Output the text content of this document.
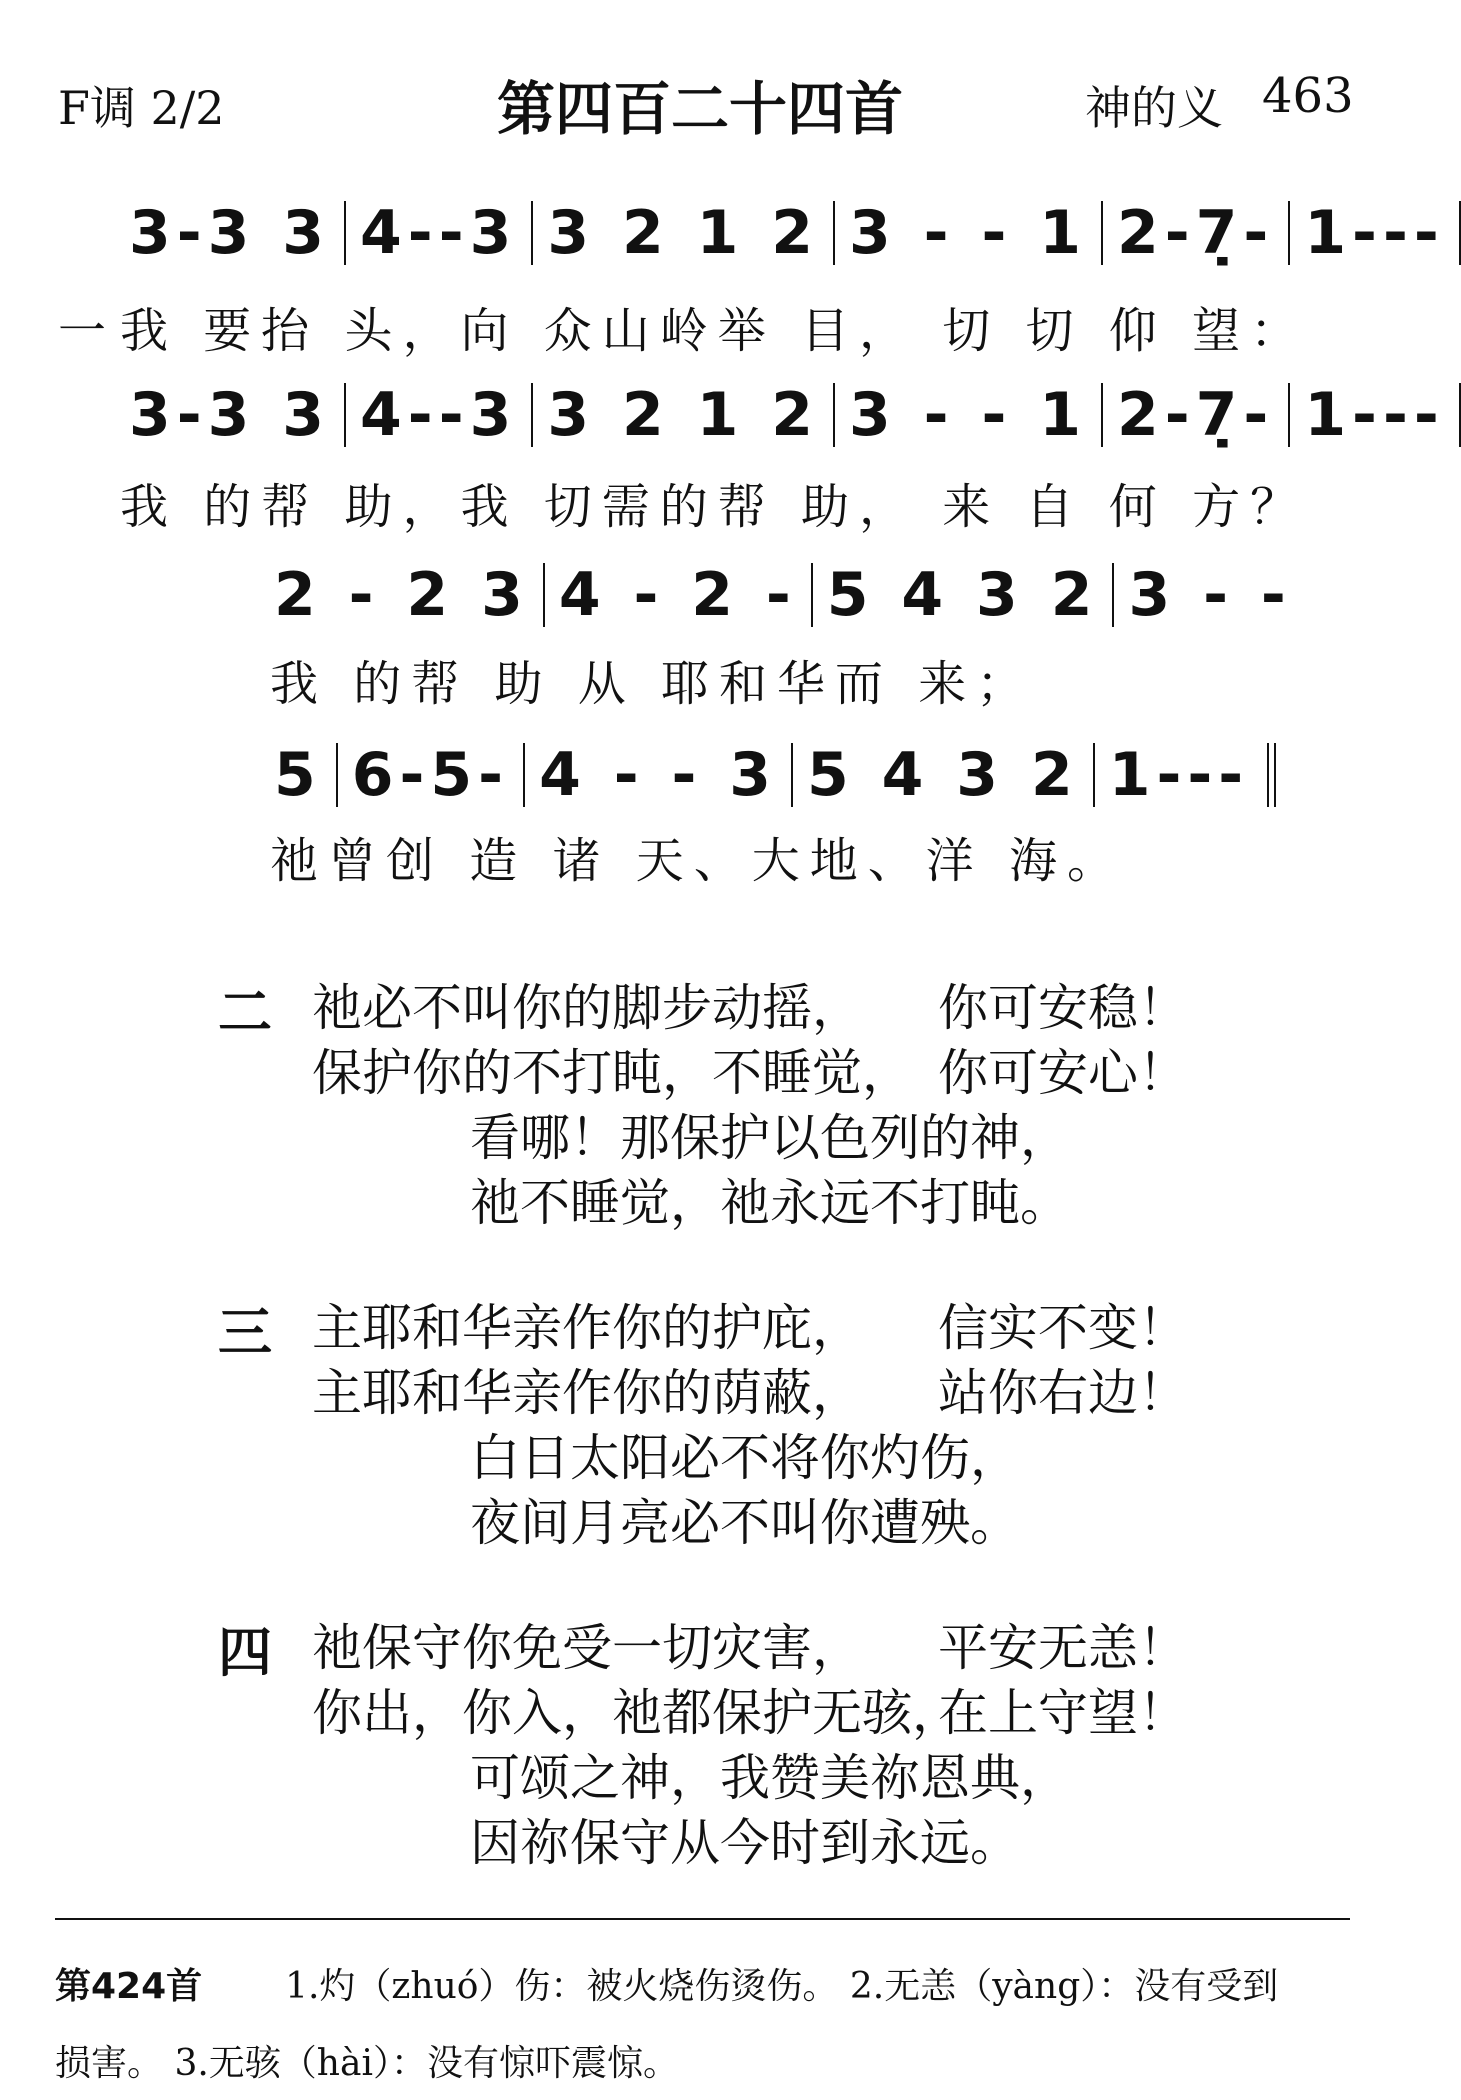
F调 2/2	第四百二十四首	神的义 463
3-3 3 4--3 3 2 1 2 3 - - 1 2-7̣- 1---
一 我 要抬 头，向 众山岭举 目， 切 切 仰 望：
3-3 3 4--3 3 2 1 2 3 - - 1 2-7̣- 1---
我 的帮 助，我 切需的帮 助， 来 自 何 方？
2 - 2 3 4 - 2 - 5 4 3 2 3 - -
我 的帮 助 从 耶和华而 来；
5 6-5- 4 - - 3 5 4 3 2 1---
祂曾创 造 诸 天、大地、洋 海。
二 祂必不叫你的脚步动摇， 你可安稳！
保护你的不打盹，不睡觉， 你可安心！
看哪！那保护以色列的神，
祂不睡觉，祂永远不打盹。
三 主耶和华亲作你的护庇， 信实不变！
主耶和华亲作你的荫蔽， 站你右边！
白日太阳必不将你灼伤，
夜间月亮必不叫你遭殃。
四 祂保守你免受一切灾害， 平安无恙！
你出，你入，祂都保护无骇，
在上守望！
可颂之神，我赞美祢恩典，
因祢保守从今时到永远。
第424首 1.灼（zhuó）伤：被火烧伤烫伤。 2.无恙（yàng）：没有受到
损害。 3.无骇（hài）：没有惊吓震惊。
